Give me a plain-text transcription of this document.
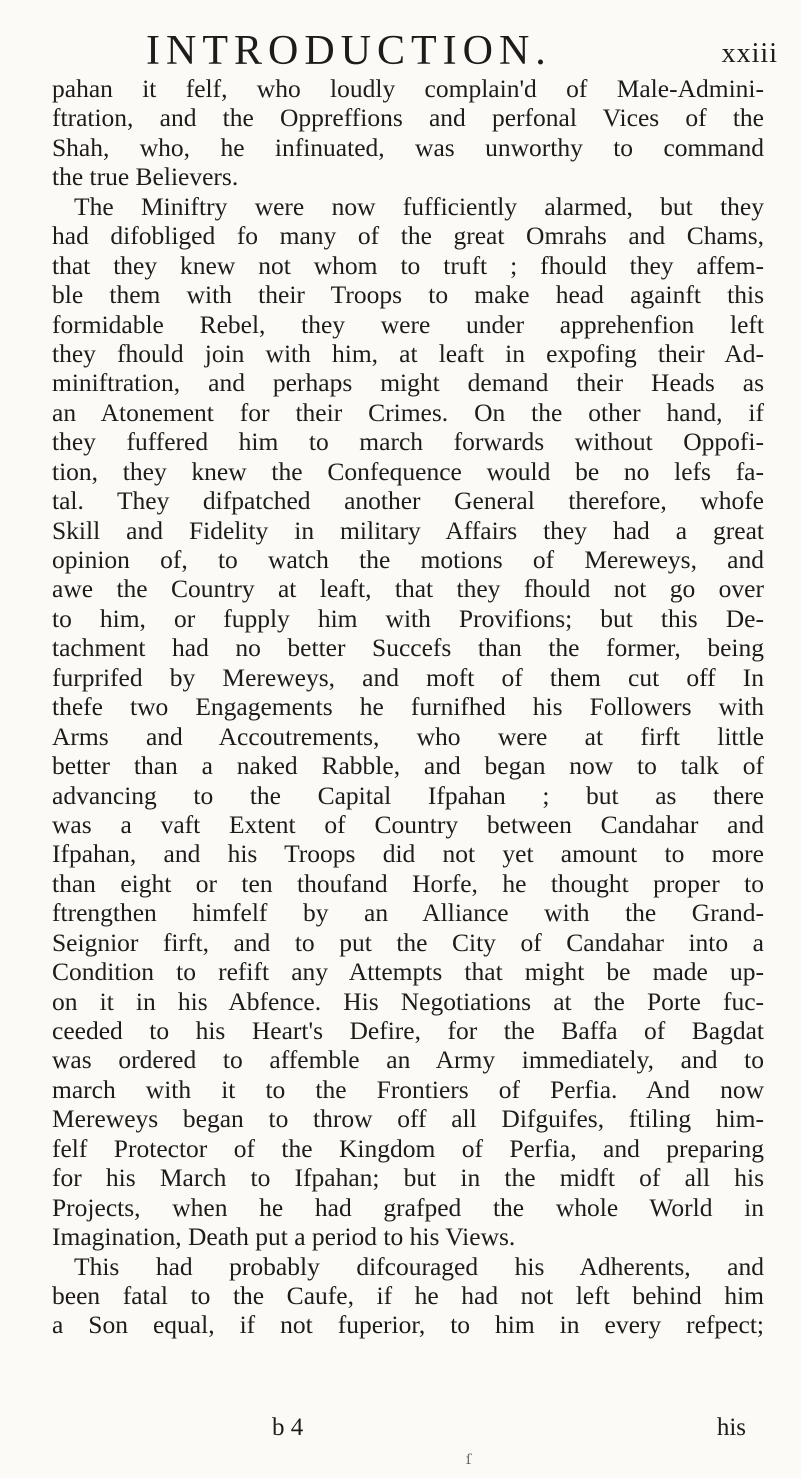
INTRODUCTION.	xxiii
pahan it felf, who loudly complain'd of Male-Admini-
ftration, and the Oppreffions and perfonal Vices of the
Shah, who, he infinuated, was unworthy to command
the true Believers.
The Miniftry were now fufficiently alarmed, but they
had difobliged fo many of the great Omrahs and Chams,
that they knew not whom to truft ; fhould they affem-
ble them with their Troops to make head againft this
formidable Rebel, they were under apprehenfion left
they fhould join with him, at leaft in expofing their Ad-
miniftration, and perhaps might demand their Heads as
an Atonement for their Crimes. On the other hand, if
they fuffered him to march forwards without Oppofi-
tion, they knew the Confequence would be no lefs fa-
tal. They difpatched another General therefore, whofe
Skill and Fidelity in military Affairs they had a great
opinion of, to watch the motions of Mereweys, and
awe the Country at leaft, that they fhould not go over
to him, or fupply him with Provifions; but this De-
tachment had no better Succefs than the former, being
furprifed by Mereweys, and moft of them cut off In
thefe two Engagements he furnifhed his Followers with
Arms and Accoutrements, who were at firft little
better than a naked Rabble, and began now to talk of
advancing to the Capital Ifpahan ; but as there
was a vaft Extent of Country between Candahar and
Ifpahan, and his Troops did not yet amount to more
than eight or ten thoufand Horfe, he thought proper to
ftrengthen himfelf by an Alliance with the Grand-
Seignior firft, and to put the City of Candahar into a
Condition to refift any Attempts that might be made up-
on it in his Abfence. His Negotiations at the Porte fuc-
ceeded to his Heart's Defire, for the Baffa of Bagdat
was ordered to affemble an Army immediately, and to
march with it to the Frontiers of Perfia. And now
Mereweys began to throw off all Difguifes, ftiling him-
felf Protector of the Kingdom of Perfia, and preparing
for his March to Ifpahan; but in the midft of all his
Projects, when he had grafped the whole World in
Imagination, Death put a period to his Views.
This had probably difcouraged his Adherents, and
been fatal to the Caufe, if he had not left behind him
a Son equal, if not fuperior, to him in every refpect;
b 4	his
ſ
